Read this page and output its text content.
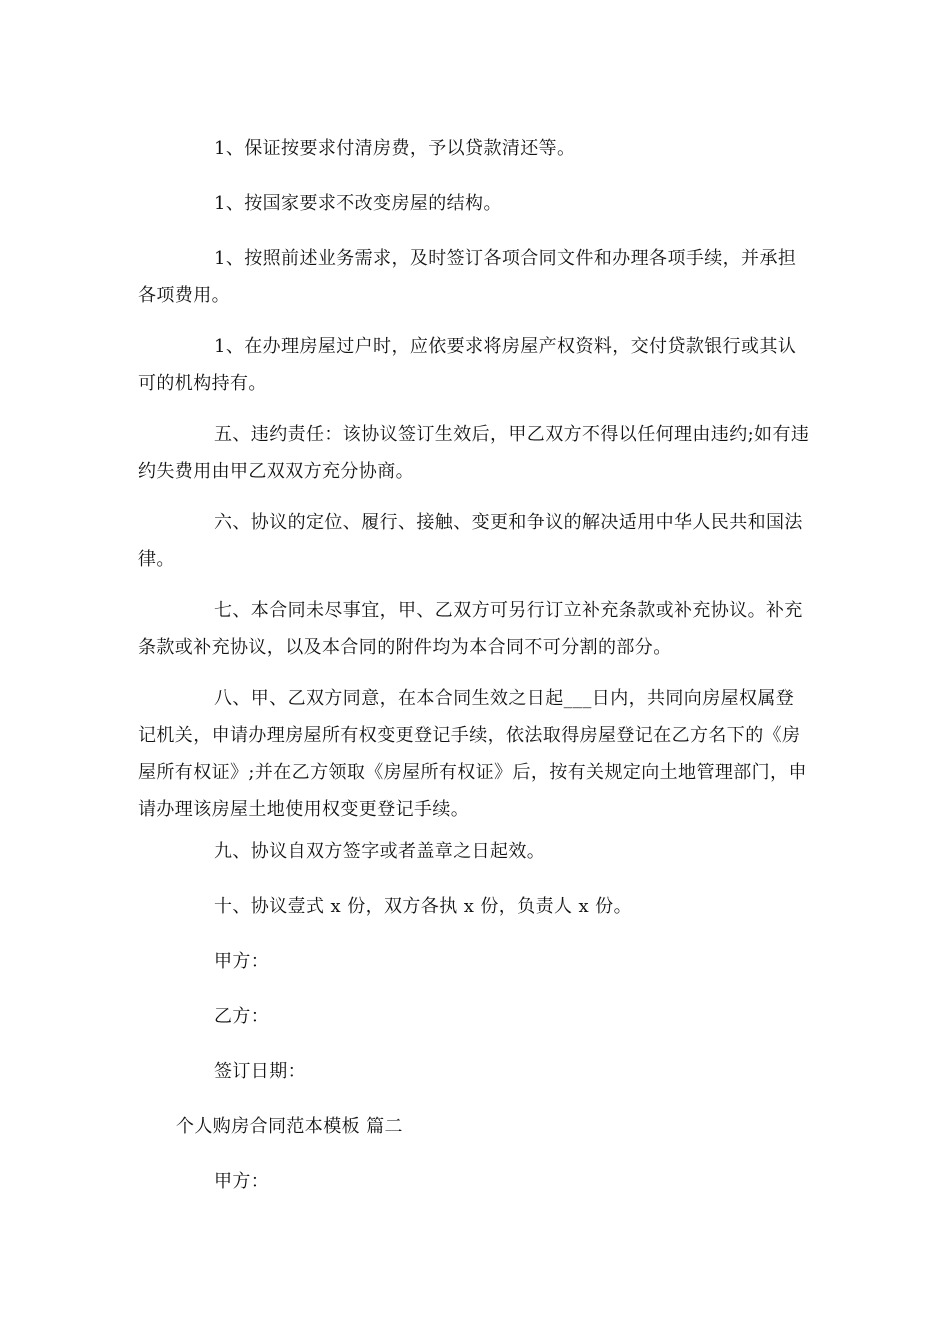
1、保证按要求付清房费，予以贷款清还等。

1、按国家要求不改变房屋的结构。

1、按照前述业务需求，及时签订各项合同文件和办理各项手续，并承担各项费用。

1、在办理房屋过户时，应依要求将房屋产权资料，交付贷款银行或其认可的机构持有。

五、违约责任：该协议签订生效后，甲乙双方不得以任何理由违约;如有违约失费用由甲乙双双方充分协商。

六、协议的定位、履行、接触、变更和争议的解决适用中华人民共和国法律。

七、本合同未尽事宜，甲、乙双方可另行订立补充条款或补充协议。补充条款或补充协议，以及本合同的附件均为本合同不可分割的部分。

八、甲、乙双方同意，在本合同生效之日起___日内，共同向房屋权属登记机关，申请办理房屋所有权变更登记手续，依法取得房屋登记在乙方名下的《房屋所有权证》;并在乙方领取《房屋所有权证》后，按有关规定向土地管理部门，申请办理该房屋土地使用权变更登记手续。

九、协议自双方签字或者盖章之日起效。

十、协议壹式 x 份，双方各执 x 份，负责人 x 份。

甲方：

乙方：

签订日期：

个人购房合同范本模板 篇二

甲方：
